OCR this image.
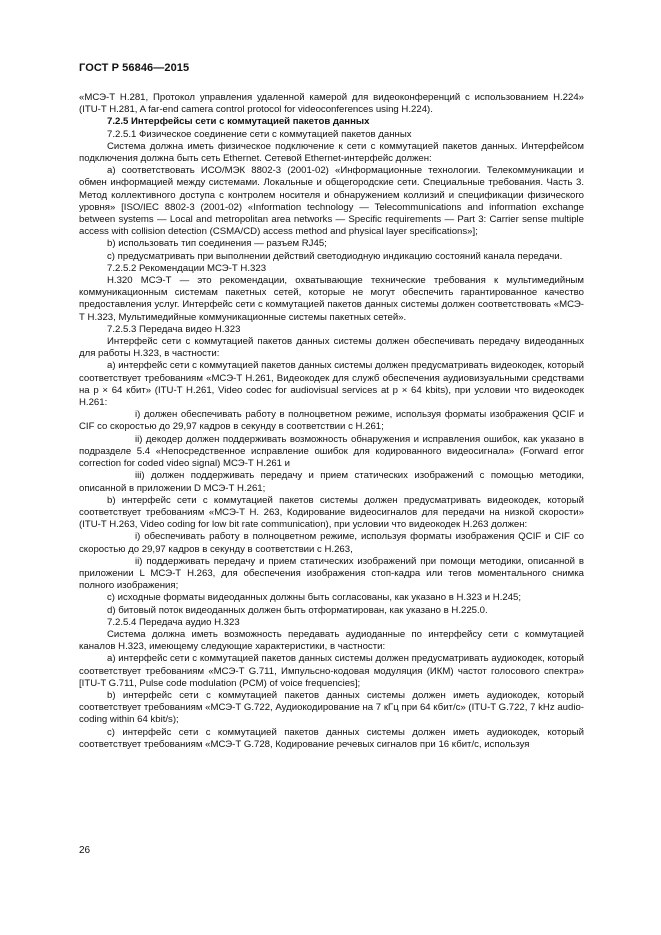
ГОСТ Р 56846—2015

«МСЭ-Т H.281, Протокол управления удаленной камерой для видеоконференций с использованием H.224» (ITU-T H.281, A far-end camera control protocol for videoconferences using H.224).

7.2.5 Интерфейсы сети с коммутацией пакетов данных

7.2.5.1 Физическое соединение сети с коммутацией пакетов данных

Система должна иметь физическое подключение к сети с коммутацией пакетов данных. Интерфейсом подключения должна быть сеть Ethernet. Сетевой Ethernet-интерфейс должен:

a) соответствовать ИСО/МЭК 8802-3 (2001-02) «Информационные технологии. Телекоммуникации и обмен информацией между системами. Локальные и общегородские сети. Специальные требования. Часть 3. Метод коллективного доступа с контролем носителя и обнаружением коллизий и спецификации физического уровня» [ISO/IEC 8802-3 (2001-02) «Information technology — Telecommunications and information exchange between systems — Local and metropolitan area networks — Specific requirements — Part 3: Carrier sense multiple access with collision detection (CSMA/CD) access method and physical layer specifications»];

b) использовать тип соединения — разъем RJ45;

c) предусматривать при выполнении действий светодиодную индикацию состояний канала передачи.

7.2.5.2 Рекомендации МСЭ-Т H.323

H.320 МСЭ-Т — это рекомендации, охватывающие технические требования к мультимедийным коммуникационным системам пакетных сетей, которые не могут обеспечить гарантированное качество предоставления услуг. Интерфейс сети с коммутацией пакетов данных системы должен соответствовать «МСЭ-Т H.323, Мультимедийные коммуникационные системы пакетных сетей».

7.2.5.3 Передача видео H.323

Интерфейс сети с коммутацией пакетов данных системы должен обеспечивать передачу видеоданных для работы H.323, в частности:

a) интерфейс сети с коммутацией пакетов данных системы должен предусматривать видеокодек, который соответствует требованиям «МСЭ-Т H.261, Видеокодек для служб обеспечения аудиовизуальными средствами на p × 64 кбит» (ITU-T H.261, Video codec for audiovisual services at p × 64 kbits), при условии что видеокодек H.261:

i) должен обеспечивать работу в полноцветном режиме, используя форматы изображения QCIF и CIF со скоростью до 29,97 кадров в секунду в соответствии с H.261;

ii) декодер должен поддерживать возможность обнаружения и исправления ошибок, как указано в подразделе 5.4 «Непосредственное исправление ошибок для кодированного видеосигнала» (Forward error correction for coded video signal) МСЭ-Т H.261 и

iii) должен поддерживать передачу и прием статических изображений с помощью методики, описанной в приложении D МСЭ-Т H.261;

b) интерфейс сети с коммутацией пакетов системы должен предусматривать видеокодек, который соответствует требованиям «МСЭ-Т H. 263, Кодирование видеосигналов для передачи на низкой скорости» (ITU-T H.263, Video coding for low bit rate communication), при условии что видеокодек H.263 должен:

i) обеспечивать работу в полноцветном режиме, используя форматы изображения QCIF и CIF со скоростью до 29,97 кадров в секунду в соответствии с H.263,

ii) поддерживать передачу и прием статических изображений при помощи методики, описанной в приложении L МСЭ-Т H.263, для обеспечения изображения стоп-кадра или тегов моментального снимка полного изображения;

c) исходные форматы видеоданных должны быть согласованы, как указано в H.323 и H.245;

d) битовый поток видеоданных должен быть отформатирован, как указано в H.225.0.

7.2.5.4 Передача аудио H.323

Система должна иметь возможность передавать аудиоданные по интерфейсу сети с коммутацией каналов H.323, имеющему следующие характеристики, в частности:

a) интерфейс сети с коммутацией пакетов данных системы должен предусматривать аудиокодек, который соответствует требованиям «МСЭ-Т G.711, Импульсно-кодовая модуляция (ИКМ) частот голосового спектра» [ITU-T G.711, Pulse code modulation (PCM) of voice frequencies];

b) интерфейс сети с коммутацией пакетов данных системы должен иметь аудиокодек, который соответствует требованиям «МСЭ-Т G.722, Аудиокодирование на 7 кГц при 64 кбит/с» (ITU-T G.722, 7 kHz audio-coding within 64 kbit/s);

c) интерфейс сети с коммутацией пакетов данных системы должен иметь аудиокодек, который соответствует требованиям «МСЭ-Т G.728, Кодирование речевых сигналов при 16 кбит/с, используя

26
